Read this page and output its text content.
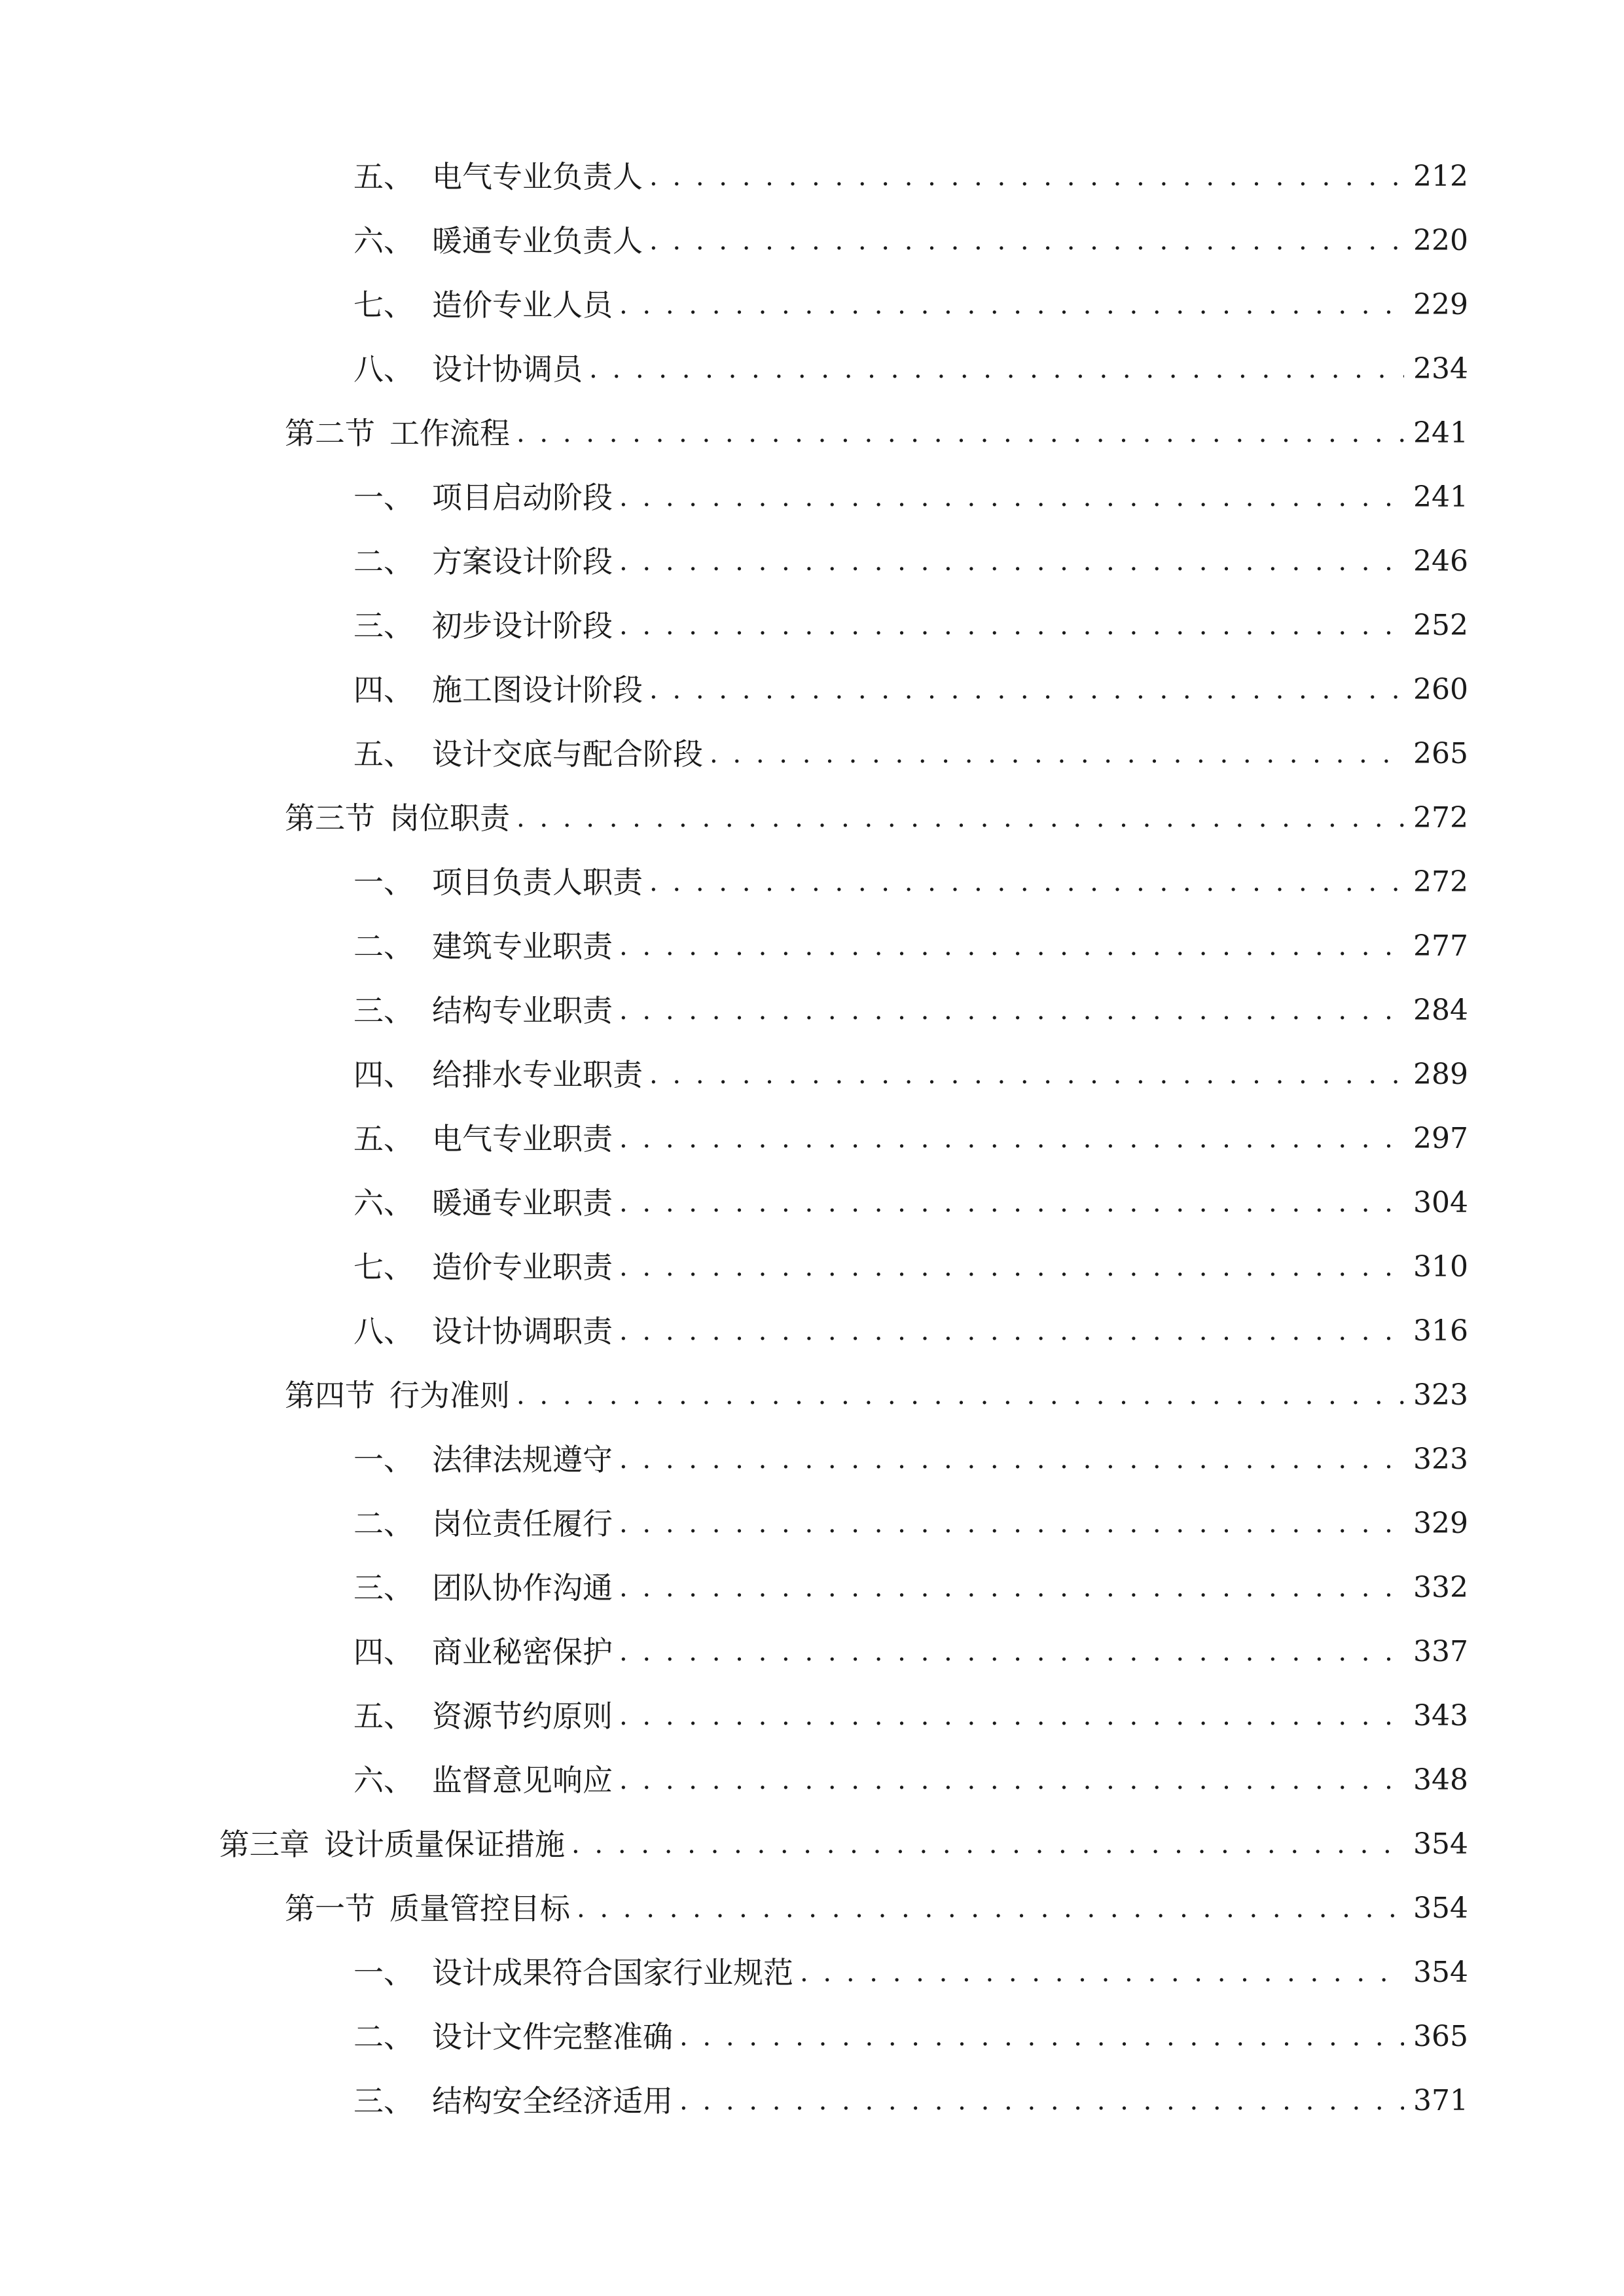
五、 电气专业负责人 . . .	212
六、 暖通专业负责人 . . .	220
七、 造价专业人员 . . .	229
八、 设计协调员 . . .	234
第二节 工作流程 . . .	241
一、 项目启动阶段 . . .	241
二、 方案设计阶段 . . .	246
三、 初步设计阶段 . . .	252
四、 施工图设计阶段 . . .	260
五、 设计交底与配合阶段 . . .	265
第三节 岗位职责 . . .	272
一、 项目负责人职责 . . .	272
二、 建筑专业职责 . . .	277
三、 结构专业职责 . . .	284
四、 给排水专业职责 . . .	289
五、 电气专业职责 . . .	297
六、 暖通专业职责 . . .	304
七、 造价专业职责 . . .	310
八、 设计协调职责 . . .	316
第四节 行为准则 . . .	323
一、 法律法规遵守 . . .	323
二、 岗位责任履行 . . .	329
三、 团队协作沟通 . . .	332
四、 商业秘密保护 . . .	337
五、 资源节约原则 . . .	343
六、 监督意见响应 . . .	348
第三章 设计质量保证措施 . . .	354
第一节 质量管控目标 . . .	354
一、 设计成果符合国家行业规范 . . .	354
二、 设计文件完整准确 . . .	365
三、 结构安全经济适用 . . .	371
